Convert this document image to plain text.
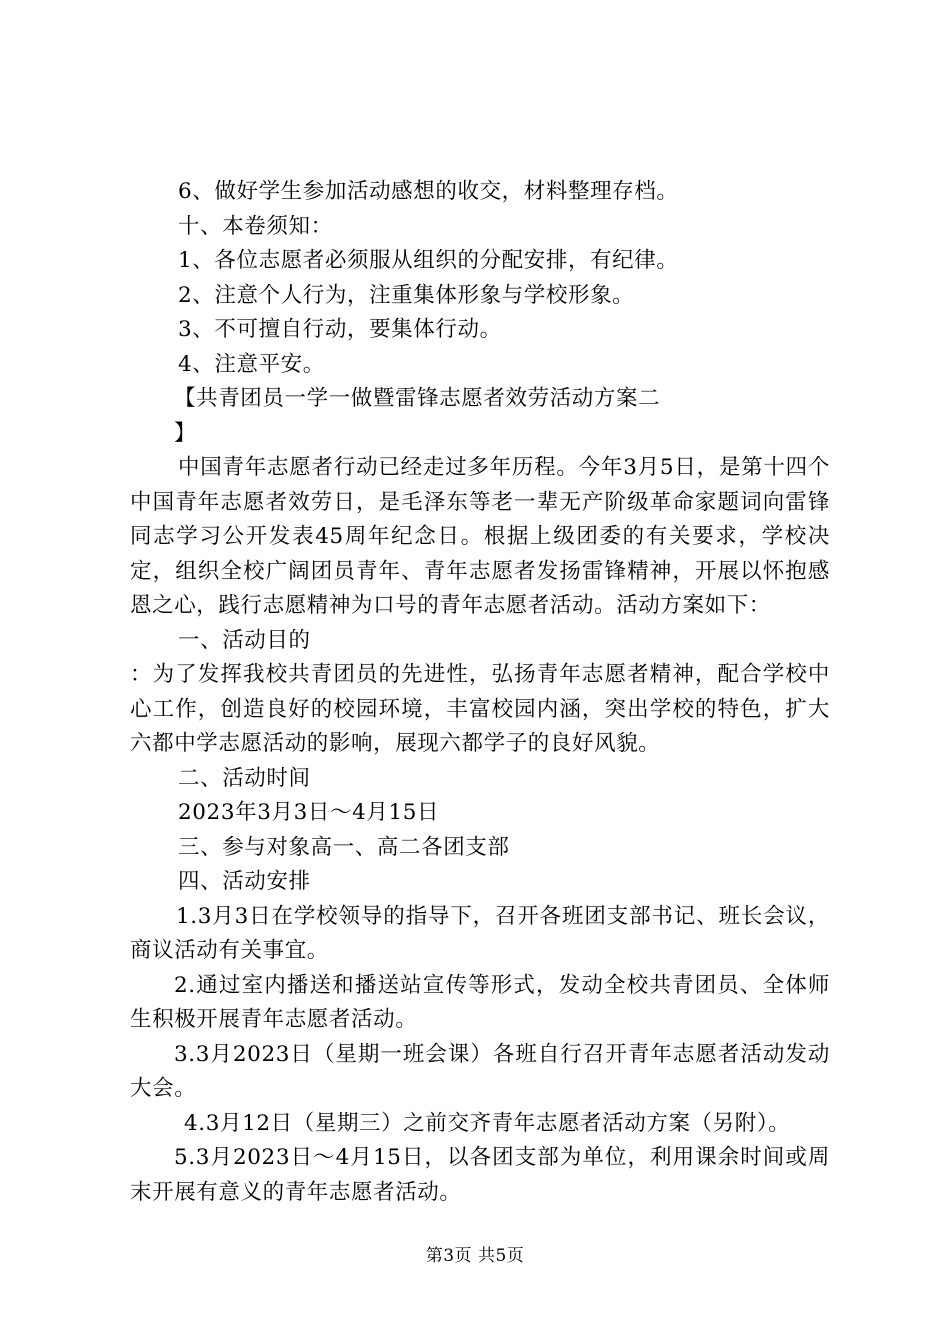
6、做好学生参加活动感想的收交，材料整理存档。

十、本卷须知：

1、各位志愿者必须服从组织的分配安排，有纪律。

2、注意个人行为，注重集体形象与学校形象。

3、不可擅自行动，要集体行动。

4、注意平安。

【共青团员一学一做暨雷锋志愿者效劳活动方案二

】

中国青年志愿者行动已经走过多年历程。今年3月5日，是第十四个中国青年志愿者效劳日，是毛泽东等老一辈无产阶级革命家题词向雷锋同志学习公开发表45周年纪念日。根据上级团委的有关要求，学校决定，组织全校广阔团员青年、青年志愿者发扬雷锋精神，开展以怀抱感恩之心，践行志愿精神为口号的青年志愿者活动。活动方案如下：

一、活动目的

：为了发挥我校共青团员的先进性，弘扬青年志愿者精神，配合学校中心工作，创造良好的校园环境，丰富校园内涵，突出学校的特色，扩大六都中学志愿活动的影响，展现六都学子的良好风貌。

二、活动时间

2023年3月3日～4月15日

三、参与对象高一、高二各团支部

四、活动安排

1.3月3日在学校领导的指导下，召开各班团支部书记、班长会议，商议活动有关事宜。

2.通过室内播送和播送站宣传等形式，发动全校共青团员、全体师生积极开展青年志愿者活动。

3.3月2023日（星期一班会课）各班自行召开青年志愿者活动发动大会。

4.3月12日（星期三）之前交齐青年志愿者活动方案（另附）。

5.3月2023日～4月15日，以各团支部为单位，利用课余时间或周末开展有意义的青年志愿者活动。

第3页 共5页
